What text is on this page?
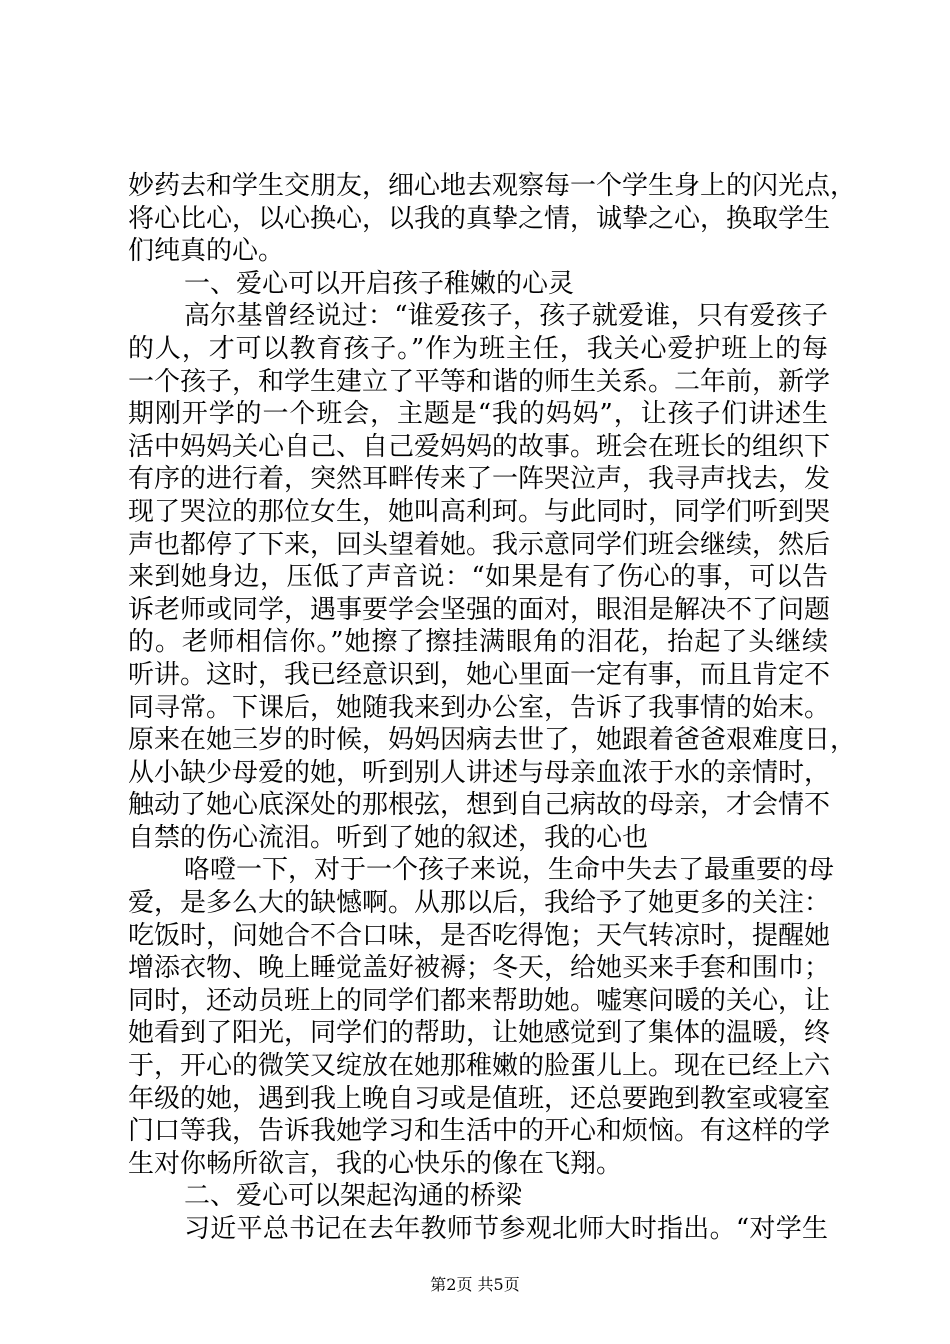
妙药去和学生交朋友，细心地去观察每一个学生身上的闪光点，
将心比心，以心换心，以我的真挚之情，诚挚之心，换取学生
们纯真的心。
一、爱心可以开启孩子稚嫩的心灵
高尔基曾经说过：“谁爱孩子，孩子就爱谁，只有爱孩子
的人，才可以教育孩子。”作为班主任，我关心爱护班上的每
一个孩子，和学生建立了平等和谐的师生关系。二年前，新学
期刚开学的一个班会，主题是“我的妈妈”，让孩子们讲述生
活中妈妈关心自己、自己爱妈妈的故事。班会在班长的组织下
有序的进行着，突然耳畔传来了一阵哭泣声，我寻声找去，发
现了哭泣的那位女生，她叫高利珂。与此同时，同学们听到哭
声也都停了下来，回头望着她。我示意同学们班会继续，然后
来到她身边，压低了声音说：“如果是有了伤心的事，可以告
诉老师或同学，遇事要学会坚强的面对，眼泪是解决不了问题
的。老师相信你。”她擦了擦挂满眼角的泪花，抬起了头继续
听讲。这时，我已经意识到，她心里面一定有事，而且肯定不
同寻常。下课后，她随我来到办公室，告诉了我事情的始末。
原来在她三岁的时候，妈妈因病去世了，她跟着爸爸艰难度日，
从小缺少母爱的她，听到别人讲述与母亲血浓于水的亲情时，
触动了她心底深处的那根弦，想到自己病故的母亲，才会情不
自禁的伤心流泪。听到了她的叙述，我的心也
咯噔一下，对于一个孩子来说，生命中失去了最重要的母
爱，是多么大的缺憾啊。从那以后，我给予了她更多的关注：
吃饭时，问她合不合口味，是否吃得饱；天气转凉时，提醒她
增添衣物、晚上睡觉盖好被褥；冬天，给她买来手套和围巾；
同时，还动员班上的同学们都来帮助她。嘘寒问暖的关心，让
她看到了阳光，同学们的帮助，让她感觉到了集体的温暖，终
于，开心的微笑又绽放在她那稚嫩的脸蛋儿上。现在已经上六
年级的她，遇到我上晚自习或是值班，还总要跑到教室或寝室
门口等我，告诉我她学习和生活中的开心和烦恼。有这样的学
生对你畅所欲言，我的心快乐的像在飞翔。
二、爱心可以架起沟通的桥梁
习近平总书记在去年教师节参观北师大时指出。“对学生
第2页 共5页
